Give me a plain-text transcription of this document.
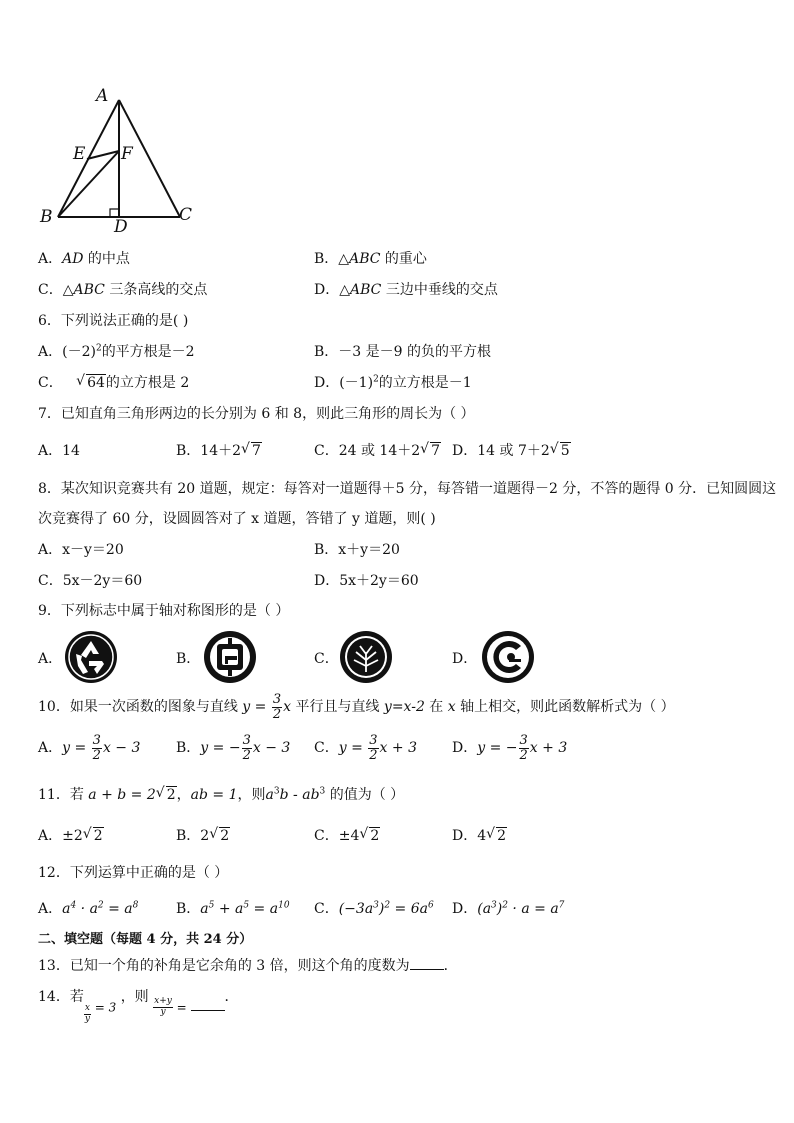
A
E F
B	D
C
A．AD 的中点	B．△ABC 的重心
C．△ABC 三条高线的交点	D．△ABC 三边中垂线的交点
6．下列说法正确的是( )
A．$(-2)^2$的平方根是－2	B．－3 是－9 的负的平方根
C． √ 64的立方根是 2	D．$(-1)^2$的立方根是－1
7．已知直角三角形两边的长分别为 6 和 8，则此三角形的周长为（ ）
A．14	B．14＋2 √ 7	C．24 或 14＋2 √ 7 D．14 或 7＋2 √ 5
8．某次知识竞赛共有 20 道题，规定：每答对一道题得＋5 分，每答错一道题得－2 分，不答的题得 0 分．已知圆圆这
次竞赛得了 60 分，设圆圆答对了 x 道题，答错了 y 道题，则( )
A．x－y＝20	B．x＋y＝20
C．5x－2y＝60	D．5x＋2y＝60
9．下列标志中属于轴对称图形的是（ ）
A．	B．	C．	D．
10．如果一次函数的图象与直线 $y = \frac{3}{2}$ x 平行且与直线 y=x-2 在 x 轴上相交，则此函数解析式为（ ）
A．$y = \frac{3}{2}$ x − 3	B．y = − $\frac{3}{2}$ x − 3 C．$y = \frac{3}{2}$ x + 3	D．y = − $\frac{3}{2}$ x + 3
11．若 a + b = 2 √ 2，ab = 1，则$a^3b - ab^3$ 的值为（ ）
A．±2 √ 2	B．2 √ 2	C．±4 √ 2	D．4 √ 2
12．下列运算中正确的是（ ）
A．$a^4 \cdot a^2 = a^8$	B．$a^5 + a^5 = a^{10}$ C．$(-3a^3)^2 = 6a^6$ D．$(a^3)^2 \cdot a = a^7$
二、填空题（每题 4 分，共 24 分）
13．已知一个角的补角是它余角的 3 倍，则这个角的度数为 ．
14．若
$\frac{x}{y} = 3$ ，则 $\frac{x+y}{y}$ = ．
